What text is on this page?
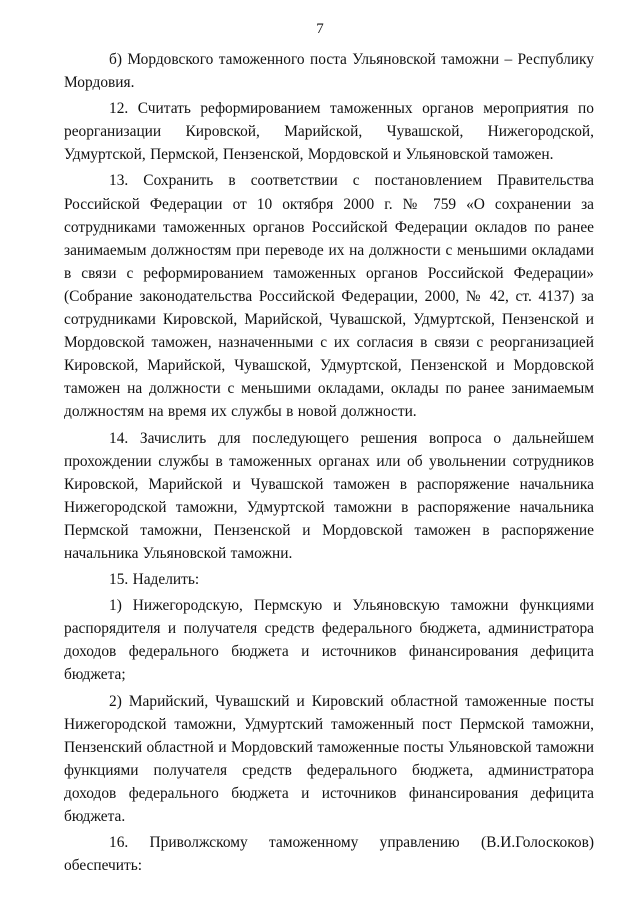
7

б) Мордовского таможенного поста Ульяновской таможни – Республику Мордовия.

12. Считать реформированием таможенных органов мероприятия по реорганизации Кировской, Марийской, Чувашской, Нижегородской, Удмуртской, Пермской, Пензенской, Мордовской и Ульяновской таможен.

13. Сохранить в соответствии с постановлением Правительства Российской Федерации от 10 октября 2000 г. № 759 «О сохранении за сотрудниками таможенных органов Российской Федерации окладов по ранее занимаемым должностям при переводе их на должности с меньшими окладами в связи с реформированием таможенных органов Российской Федерации» (Собрание законодательства Российской Федерации, 2000, № 42, ст. 4137) за сотрудниками Кировской, Марийской, Чувашской, Удмуртской, Пензенской и Мордовской таможен, назначенными с их согласия в связи с реорганизацией Кировской, Марийской, Чувашской, Удмуртской, Пензенской и Мордовской таможен на должности с меньшими окладами, оклады по ранее занимаемым должностям на время их службы в новой должности.

14. Зачислить для последующего решения вопроса о дальнейшем прохождении службы в таможенных органах или об увольнении сотрудников Кировской, Марийской и Чувашской таможен в распоряжение начальника Нижегородской таможни, Удмуртской таможни в распоряжение начальника Пермской таможни, Пензенской и Мордовской таможен в распоряжение начальника Ульяновской таможни.

15. Наделить:

1) Нижегородскую, Пермскую и Ульяновскую таможни функциями распорядителя и получателя средств федерального бюджета, администратора доходов федерального бюджета и источников финансирования дефицита бюджета;

2) Марийский, Чувашский и Кировский областной таможенные посты Нижегородской таможни, Удмуртский таможенный пост Пермской таможни, Пензенский областной и Мордовский таможенные посты Ульяновской таможни функциями получателя средств федерального бюджета, администратора доходов федерального бюджета и источников финансирования дефицита бюджета.

16. Приволжскому таможенному управлению (В.И.Голоскоков) обеспечить:
